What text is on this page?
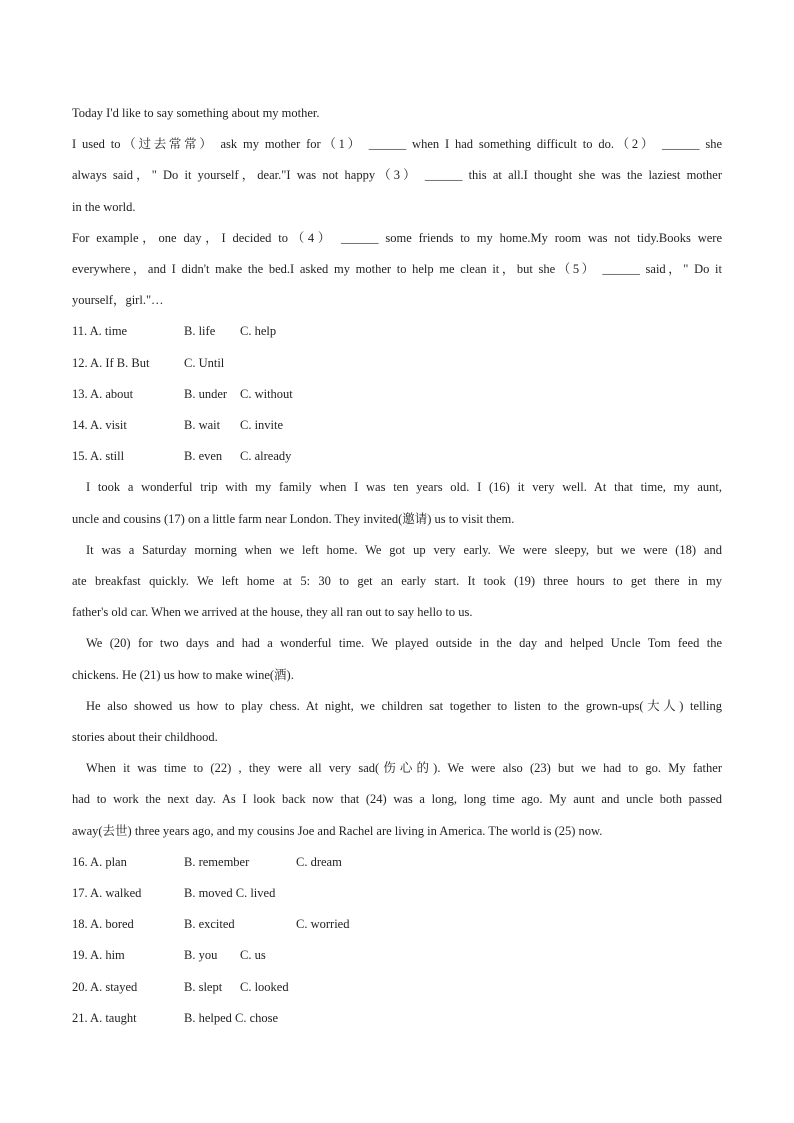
Today I'd like to say something about my mother.
I used to（过去常常） ask my mother for（1） ______ when I had something difficult to do.（2） ______ she
always said，" Do it yourself，dear."I was not happy（3） ______ this at all.I thought she was the laziest mother
in the world.
For example，one day，I decided to（4） ______ some friends to my home.My room was not tidy.Books were
everywhere，and I didn't make the bed.I asked my mother to help me clean it，but she（5） ______ said，" Do it
yourself，girl."…
11. A. time	B. life C. help
12. A. If B. But	C. Until
13. A. about	B. under C. without
14. A. visit	B. wait C. invite
15. A. still	B. even C. already
I took a wonderful trip with my family when I was ten years old. I (16) it very well. At that time, my aunt,
uncle and cousins (17) on a little farm near London. They invited(邀请) us to visit them.
It was a Saturday morning when we left home. We got up very early. We were sleepy, but we were (18) and
ate breakfast quickly. We left home at 5: 30 to get an early start. It took (19) three hours to get there in my
father's old car. When we arrived at the house, they all ran out to say hello to us.
We (20) for two days and had a wonderful time. We played outside in the day and helped Uncle Tom feed the
chickens. He (21) us how to make wine(酒).
He also showed us how to play chess. At night, we children sat together to listen to the grown-ups(大人) telling
stories about their childhood.
When it was time to (22) , they were all very sad(伤心的). We were also (23) but we had to go. My father
had to work the next day. As I look back now that (24) was a long, long time ago. My aunt and uncle both passed
away(去世) three years ago, and my cousins Joe and Rachel are living in America. The world is (25) now.
16. A. plan	B. remember	C. dream
17. A. walked	B. moved C. lived
18. A. bored	B. excited	C. worried
19. A. him	B. you C. us
20. A. stayed	B. slept C. looked
21. A. taught	B. helped C. chose
